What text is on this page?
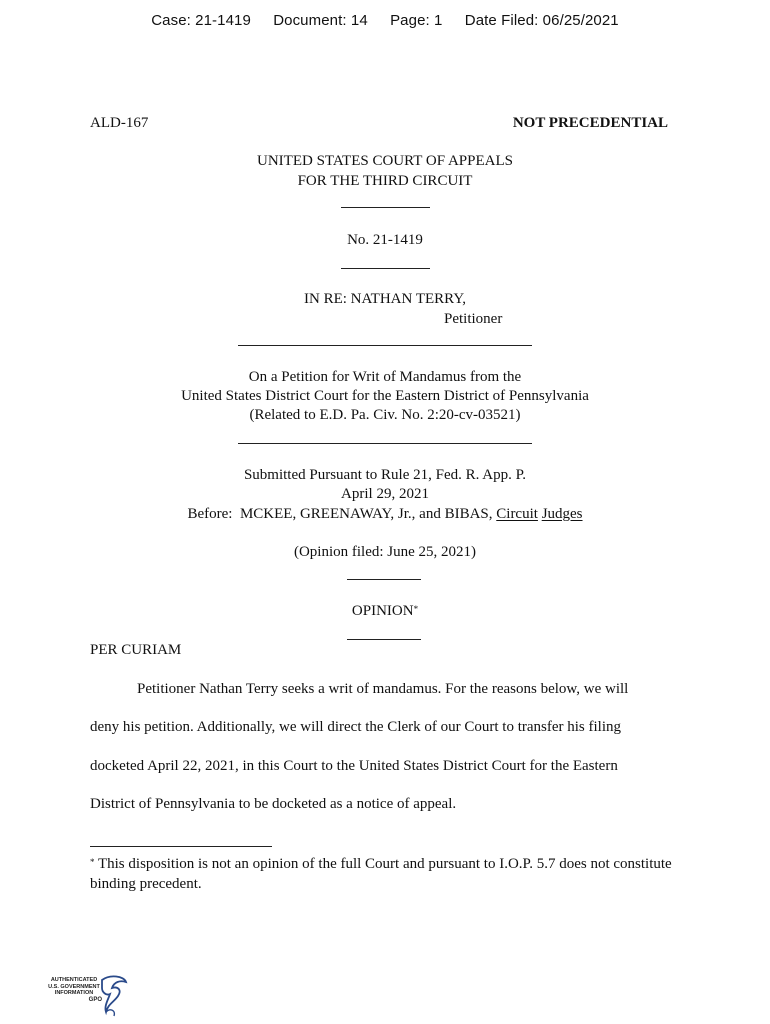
Case: 21-1419 Document: 14 Page: 1 Date Filed: 06/25/2021
ALD-167	NOT PRECEDENTIAL
UNITED STATES COURT OF APPEALS
FOR THE THIRD CIRCUIT
No. 21-1419
IN RE: NATHAN TERRY,
Petitioner
On a Petition for Writ of Mandamus from the
United States District Court for the Eastern District of Pennsylvania
(Related to E.D. Pa. Civ. No. 2:20-cv-03521)
Submitted Pursuant to Rule 21, Fed. R. App. P.
April 29, 2021
Before:  MCKEE, GREENAWAY, Jr., and BIBAS, Circuit Judges
(Opinion filed: June 25, 2021)
OPINION*
PER CURIAM
Petitioner Nathan Terry seeks a writ of mandamus. For the reasons below, we will
deny his petition. Additionally, we will direct the Clerk of our Court to transfer his filing
docketed April 22, 2021, in this Court to the United States District Court for the Eastern
District of Pennsylvania to be docketed as a notice of appeal.
* This disposition is not an opinion of the full Court and pursuant to I.O.P. 5.7 does not constitute binding precedent.
AUTHENTICATED
U.S. GOVERNMENT
INFORMATION
GPO
